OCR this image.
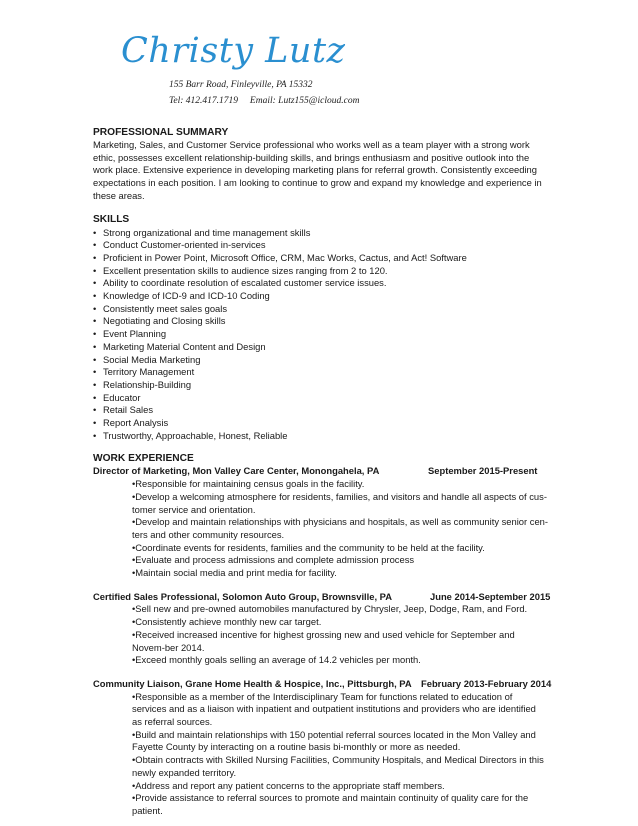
Christy Lutz
155 Barr Road, Finleyville, PA 15332
Tel: 412.417.1719     Email: Lutz155@icloud.com
PROFESSIONAL SUMMARY

Marketing, Sales, and Customer Service professional who works well as a team player with a strong work ethic, possesses excellent relationship-building skills, and brings enthusiasm and positive outlook into the work place. Extensive experience in developing marketing plans for referral growth. Consistently exceeding expectations in each position. I am looking to continue to grow and expand my knowledge and experience in these areas.

SKILLS
• Strong organizational and time management skills
• Conduct Customer-oriented in-services
• Proficient in Power Point, Microsoft Office, CRM, Mac Works, Cactus, and Act! Software
• Excellent presentation skills to audience sizes ranging from 2 to 120.
• Ability to coordinate resolution of escalated customer service issues.
• Knowledge of ICD-9 and ICD-10 Coding
• Consistently meet sales goals
• Negotiating and Closing skills
• Event Planning
• Marketing Material Content and Design
• Social Media Marketing
• Territory Management
• Relationship-Building
• Educator
• Retail Sales
• Report Analysis
• Trustworthy, Approachable, Honest, Reliable
WORK EXPERIENCE
Director of Marketing, Mon Valley Care Center, Monongahela, PA	September 2015-Present
•Responsible for maintaining census goals in the facility.
•Develop a welcoming atmosphere for residents, families, and visitors and handle all aspects of cus-tomer service and orientation.
•Develop and maintain relationships with physicians and hospitals, as well as community senior cen-ters and other community resources.
•Coordinate events for residents, families and the community to be held at the facility.
•Evaluate and process admissions and complete admission process
•Maintain social media and print media for facility.
Certified Sales Professional, Solomon Auto Group, Brownsville, PA	June 2014-September 2015
•Sell new and pre-owned automobiles manufactured by Chrysler, Jeep, Dodge, Ram, and Ford.
•Consistently achieve monthly new car target.
•Received increased incentive for highest grossing new and used vehicle for September and Novem-ber 2014.
•Exceed monthly goals selling an average of 14.2 vehicles per month.
Community Liaison, Grane Home Health & Hospice, Inc., Pittsburgh, PA February 2013-February 2014
•Responsible as a member of the Interdisciplinary Team for functions related to education of services and as a liaison with inpatient and outpatient institutions and providers who are identified as referral sources.
•Build and maintain relationships with 150 potential referral sources located in the Mon Valley and Fayette County by interacting on a routine basis bi-monthly or more as needed.
•Obtain contracts with Skilled Nursing Facilities, Community Hospitals, and Medical Directors in this newly expanded territory.
•Address and report any patient concerns to the appropriate staff members.
•Provide assistance to referral sources to promote and maintain continuity of quality care for the patient.
